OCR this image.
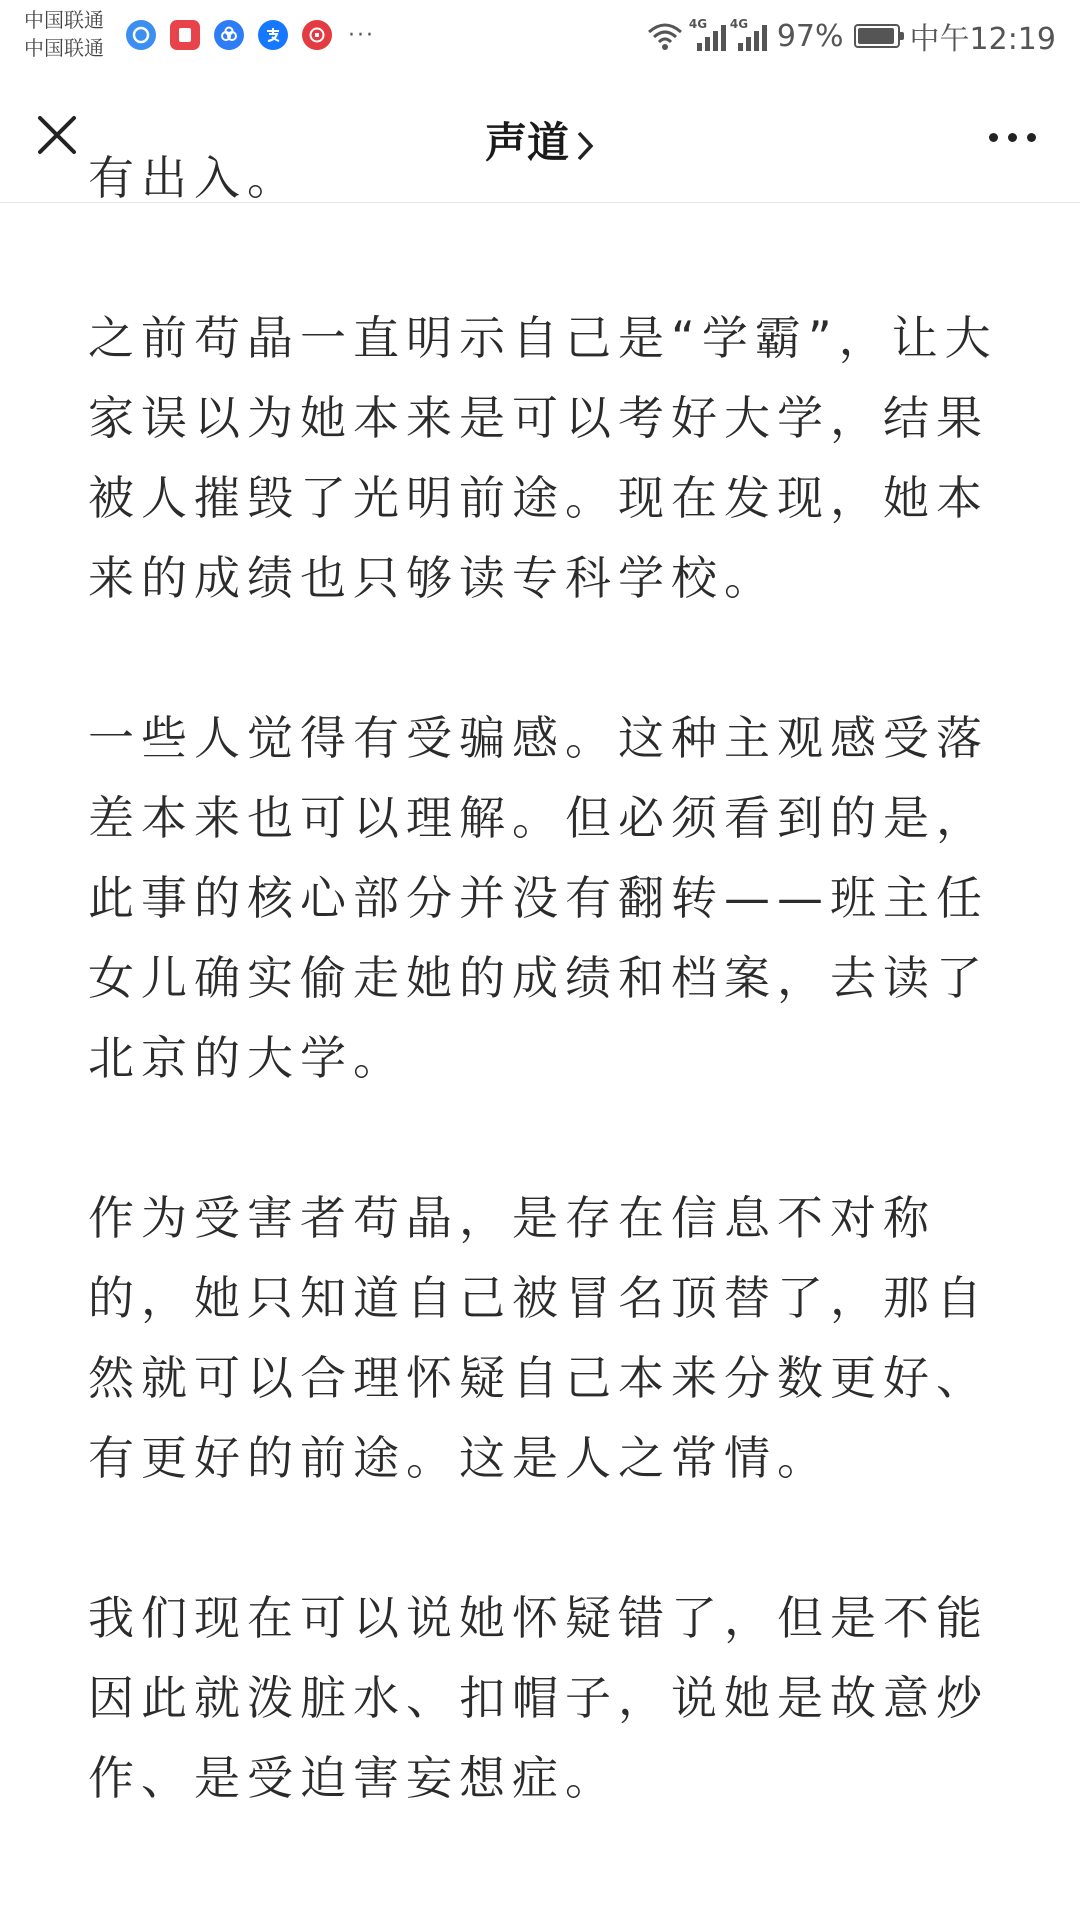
中国联通
中国联通
···	4G 4G 97% 中午12:19
声道

有出入。

之前苟晶一直明示自己是“学霸”，让大家误以为她本来是可以考好大学，结果被人摧毁了光明前途。现在发现，她本来的成绩也只够读专科学校。

一些人觉得有受骗感。这种主观感受落差本来也可以理解。但必须看到的是，此事的核心部分并没有翻转——班主任女儿确实偷走她的成绩和档案，去读了北京的大学。

作为受害者苟晶，是存在信息不对称的，她只知道自己被冒名顶替了，那自然就可以合理怀疑自己本来分数更好、有更好的前途。这是人之常情。

我们现在可以说她怀疑错了，但是不能因此就泼脏水、扣帽子，说她是故意炒作、是受迫害妄想症。
